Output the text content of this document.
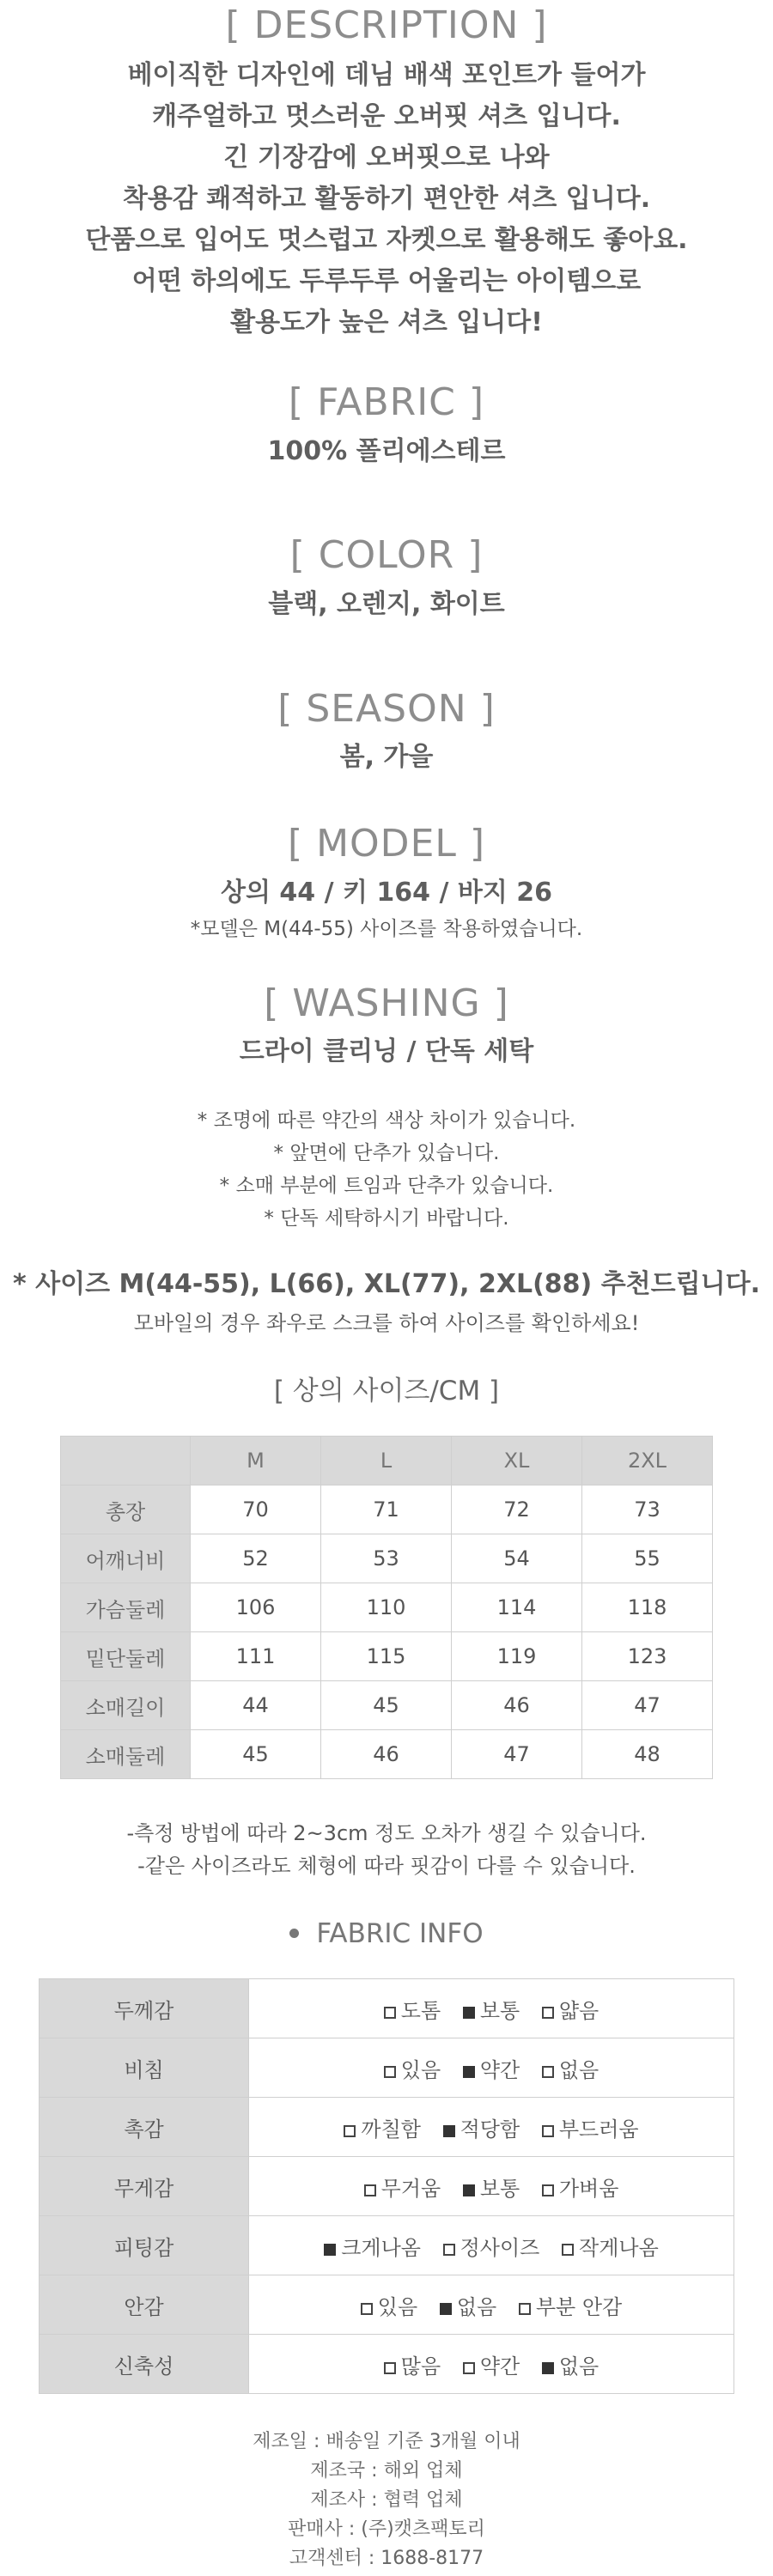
[ DESCRIPTION ]
베이직한 디자인에 데님 배색 포인트가 들어가
캐주얼하고 멋스러운 오버핏 셔츠 입니다.
긴 기장감에 오버핏으로 나와
착용감 쾌적하고 활동하기 편안한 셔츠 입니다.
단품으로 입어도 멋스럽고 자켓으로 활용해도 좋아요.
어떤 하의에도 두루두루 어울리는 아이템으로
활용도가 높은 셔츠 입니다!
[ FABRIC ]
100% 폴리에스테르
[ COLOR ]
블랙, 오렌지, 화이트
[ SEASON ]
봄, 가을
[ MODEL ]
상의 44 / 키 164 / 바지 26
*모델은 M(44-55) 사이즈를 착용하였습니다.
[ WASHING ]
드라이 클리닝 / 단독 세탁
* 조명에 따른 약간의 색상 차이가 있습니다.
* 앞면에 단추가 있습니다.
* 소매 부분에 트임과 단추가 있습니다.
* 단독 세탁하시기 바랍니다.
* 사이즈 M(44-55), L(66), XL(77), 2XL(88) 추천드립니다.
모바일의 경우 좌우로 스크를 하여 사이즈를 확인하세요!
[ 상의 사이즈/CM ]
	M	L	XL	2XL
총장	70	71	72	73
어깨너비	52	53	54	55
가슴둘레	106	110	114	118
밑단둘레	111	115	119	123
소매길이	44	45	46	47
소매둘레	45	46	47	48
-측정 방법에 따라 2~3cm 정도 오차가 생길 수 있습니다.
-같은 사이즈라도 체형에 따라 핏감이 다를 수 있습니다.
FABRIC INFO
두께감	도톰 보통 얇음
비침	있음 약간 없음
촉감	까칠함 적당함 부드러움
무게감	무거움 보통 가벼움
피팅감	크게나옴 정사이즈 작게나옴
안감	있음 없음 부분 안감
신축성	많음 약간 없음
제조일 : 배송일 기준 3개월 이내
제조국 : 해외 업체
제조사 : 협력 업체
판매사 : (주)캣츠팩토리
고객센터 : 1688-8177
